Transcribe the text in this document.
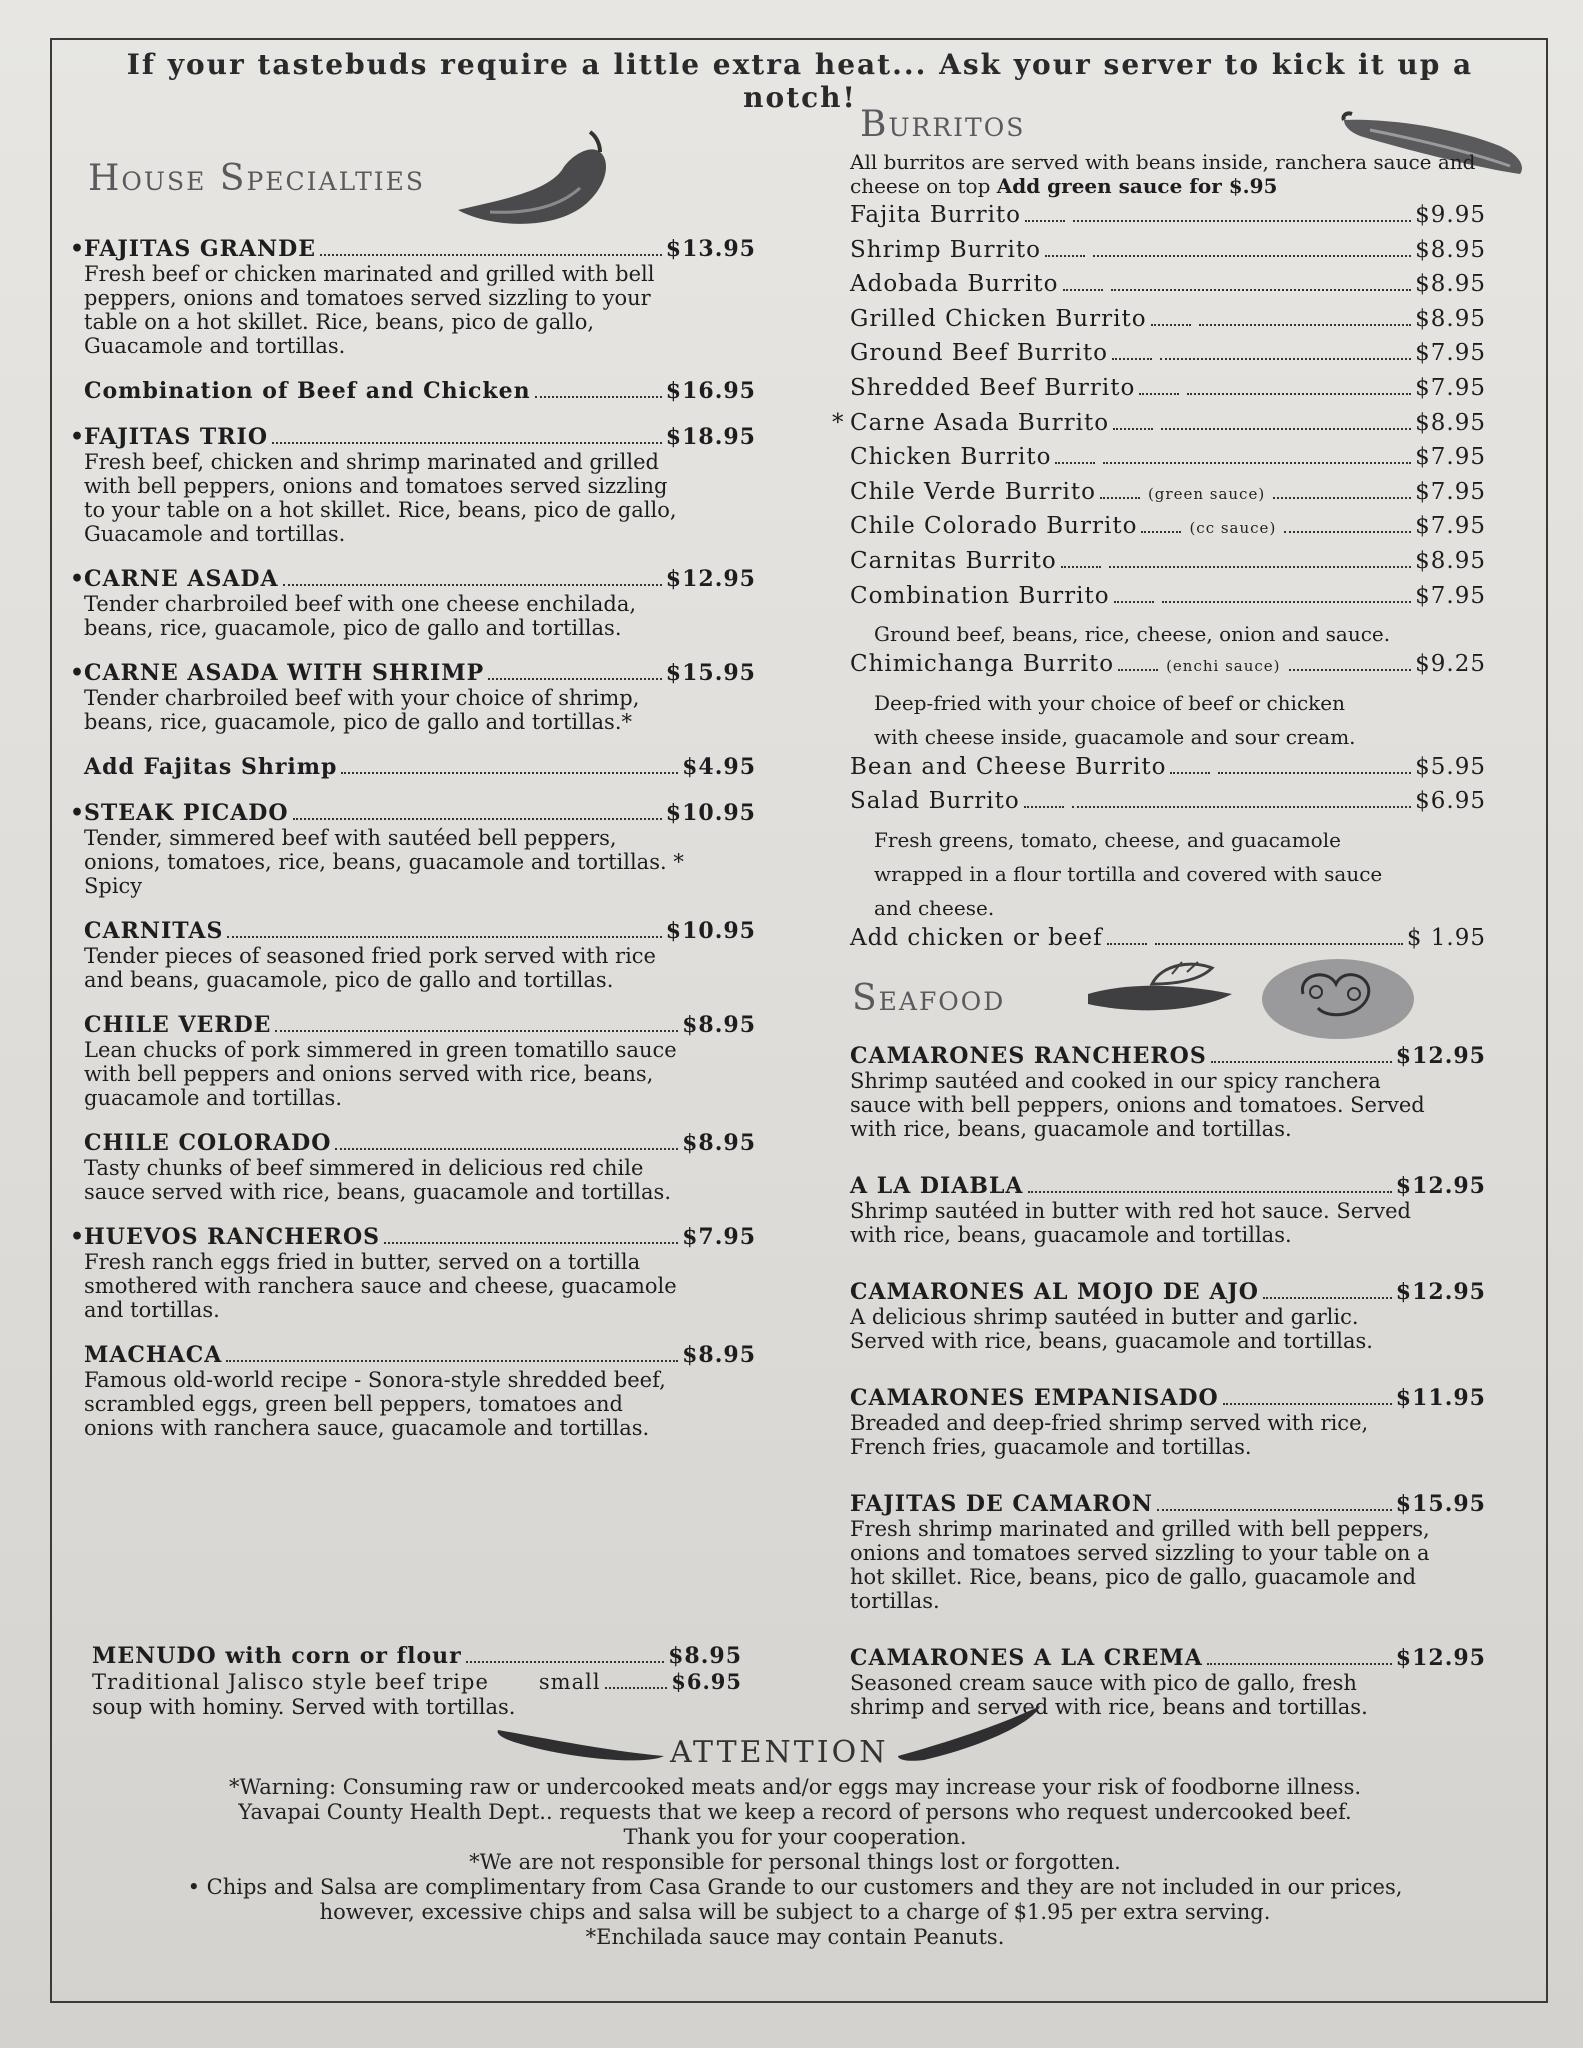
If your tastebuds require a little extra heat... Ask your server to kick it up a notch!
House Specialties
•
FAJITAS GRANDE	$13.95
Fresh beef or chicken marinated and grilled with bell peppers, onions and tomatoes served sizzling to your table on a hot skillet. Rice, beans, pico de gallo, Guacamole and tortillas.
Combination of Beef and Chicken	$16.95
•
FAJITAS TRIO	$18.95
Fresh beef, chicken and shrimp marinated and grilled with bell peppers, onions and tomatoes served sizzling to your table on a hot skillet. Rice, beans, pico de gallo, Guacamole and tortillas.
•
CARNE ASADA	$12.95
Tender charbroiled beef with one cheese enchilada, beans, rice, guacamole, pico de gallo and tortillas.
•
CARNE ASADA WITH SHRIMP	$15.95
Tender charbroiled beef with your choice of shrimp, beans, rice, guacamole, pico de gallo and tortillas.*
Add Fajitas Shrimp	$4.95
•
STEAK PICADO	$10.95
Tender, simmered beef with sautéed bell peppers, onions, tomatoes, rice, beans, guacamole and tortillas. * Spicy
CARNITAS	$10.95
Tender pieces of seasoned fried pork served with rice and beans, guacamole, pico de gallo and tortillas.
CHILE VERDE	$8.95
Lean chucks of pork simmered in green tomatillo sauce with bell peppers and onions served with rice, beans, guacamole and tortillas.
CHILE COLORADO	$8.95
Tasty chunks of beef simmered in delicious red chile sauce served with rice, beans, guacamole and tortillas.
•
HUEVOS RANCHEROS	$7.95
Fresh ranch eggs fried in butter, served on a tortilla smothered with ranchera sauce and cheese, guacamole and tortillas.
MACHACA	$8.95
Famous old-world recipe - Sonora-style shredded beef, scrambled eggs, green bell peppers, tomatoes and onions with ranchera sauce, guacamole and tortillas.
MENUDO with corn or flour	$8.95
Traditional Jalisco style beef tripe small	$6.95
soup with hominy. Served with tortillas.
Burritos
All burritos are served with beans inside, ranchera sauce and cheese on top Add green sauce for $.95
Fajita Burrito	$9.95
Shrimp Burrito	$8.95
Adobada Burrito	$8.95
Grilled Chicken Burrito	$8.95
Ground Beef Burrito	$7.95
Shredded Beef Burrito	$7.95
* Carne Asada Burrito	$8.95
Chicken Burrito	$7.95
Chile Verde Burrito	(green sauce)	$7.95
Chile Colorado Burrito	(cc sauce)	$7.95
Carnitas Burrito	$8.95
Combination Burrito	$7.95
Ground beef, beans, rice, cheese, onion and sauce.
Chimichanga Burrito	(enchi sauce)	$9.25
Deep-fried with your choice of beef or chicken
with cheese inside, guacamole and sour cream.
Bean and Cheese Burrito	$5.95
Salad Burrito	$6.95
Fresh greens, tomato, cheese, and guacamole
wrapped in a flour tortilla and covered with sauce
and cheese.
Add chicken or beef	$ 1.95
Seafood
CAMARONES RANCHEROS	$12.95
Shrimp sautéed and cooked in our spicy ranchera sauce with bell peppers, onions and tomatoes. Served with rice, beans, guacamole and tortillas.
A LA DIABLA	$12.95
Shrimp sautéed in butter with red hot sauce. Served with rice, beans, guacamole and tortillas.
CAMARONES AL MOJO DE AJO	$12.95
A delicious shrimp sautéed in butter and garlic. Served with rice, beans, guacamole and tortillas.
CAMARONES EMPANISADO	$11.95
Breaded and deep-fried shrimp served with rice, French fries, guacamole and tortillas.
FAJITAS DE CAMARON	$15.95
Fresh shrimp marinated and grilled with bell peppers, onions and tomatoes served sizzling to your table on a hot skillet. Rice, beans, pico de gallo, guacamole and tortillas.
CAMARONES A LA CREMA	$12.95
Seasoned cream sauce with pico de gallo, fresh shrimp and served with rice, beans and tortillas.
ATTENTION
*Warning: Consuming raw or undercooked meats and/or eggs may increase your risk of foodborne illness.
Yavapai County Health Dept.. requests that we keep a record of persons who request undercooked beef.
Thank you for your cooperation.
*We are not responsible for personal things lost or forgotten.
• Chips and Salsa are complimentary from Casa Grande to our customers and they are not included in our prices,
however, excessive chips and salsa will be subject to a charge of $1.95 per extra serving.
*Enchilada sauce may contain Peanuts.
